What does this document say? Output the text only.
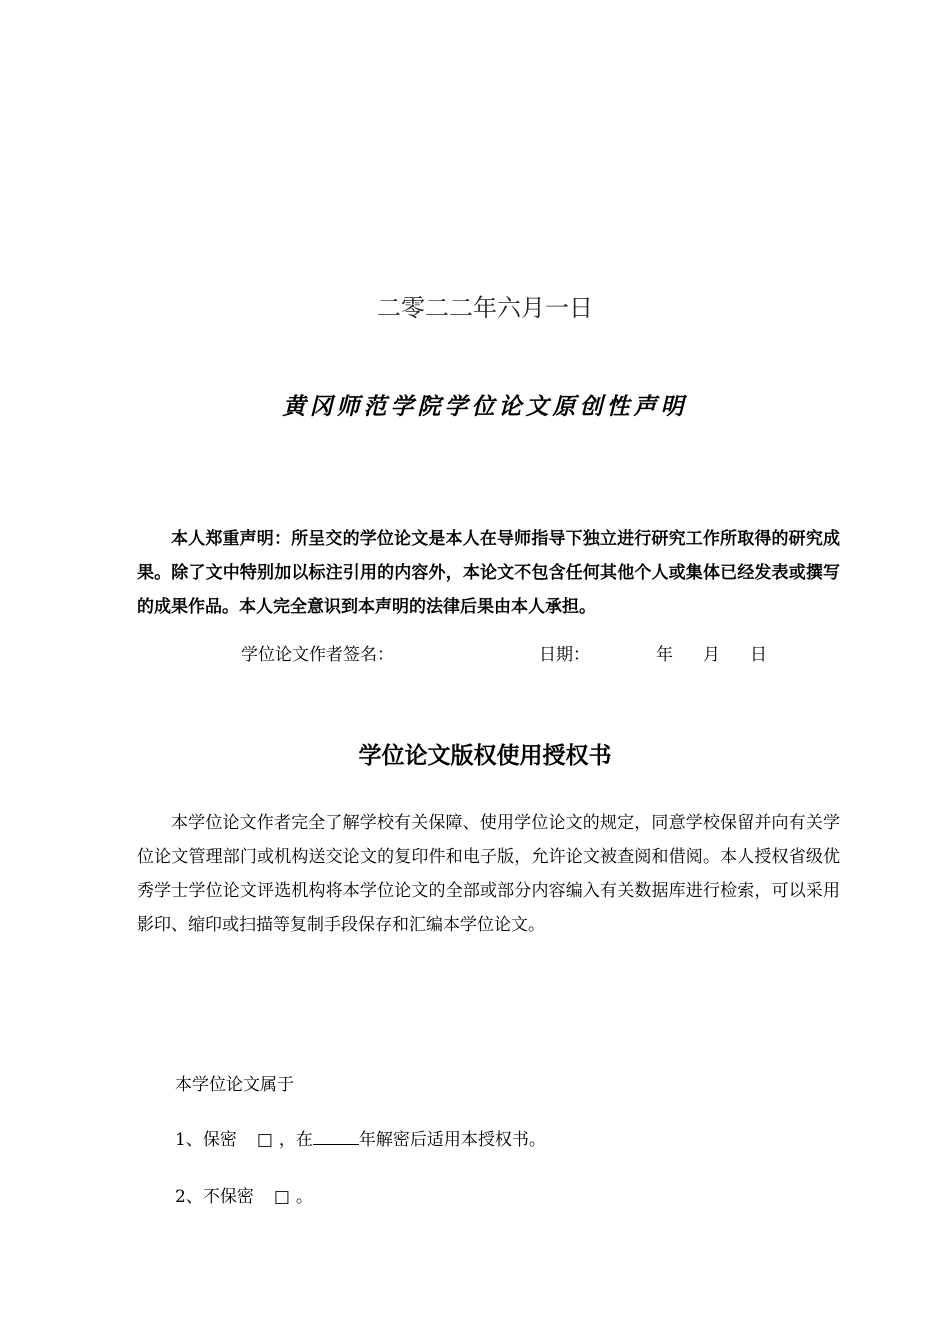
二零二二年六月一日
黄冈师范学院学位论文原创性声明
本人郑重声明：所呈交的学位论文是本人在导师指导下独立进行研究工作所取得的研究成果。除了文中特别加以标注引用的内容外，本论文不包含任何其他个人或集体已经发表或撰写的成果作品。本人完全意识到本声明的法律后果由本人承担。
学位论文作者签名：	日期：	年 月 日
学位论文版权使用授权书
本学位论文作者完全了解学校有关保障、使用学位论文的规定，同意学校保留并向有关学位论文管理部门或机构送交论文的复印件和电子版，允许论文被查阅和借阅。本人授权省级优秀学士学位论文评选机构将本学位论文的全部或部分内容编入有关数据库进行检索，可以采用影印、缩印或扫描等复制手段保存和汇编本学位论文。
本学位论文属于
1、保密 □ ，在	年解密后适用本授权书。
2、不保密 □ 。
